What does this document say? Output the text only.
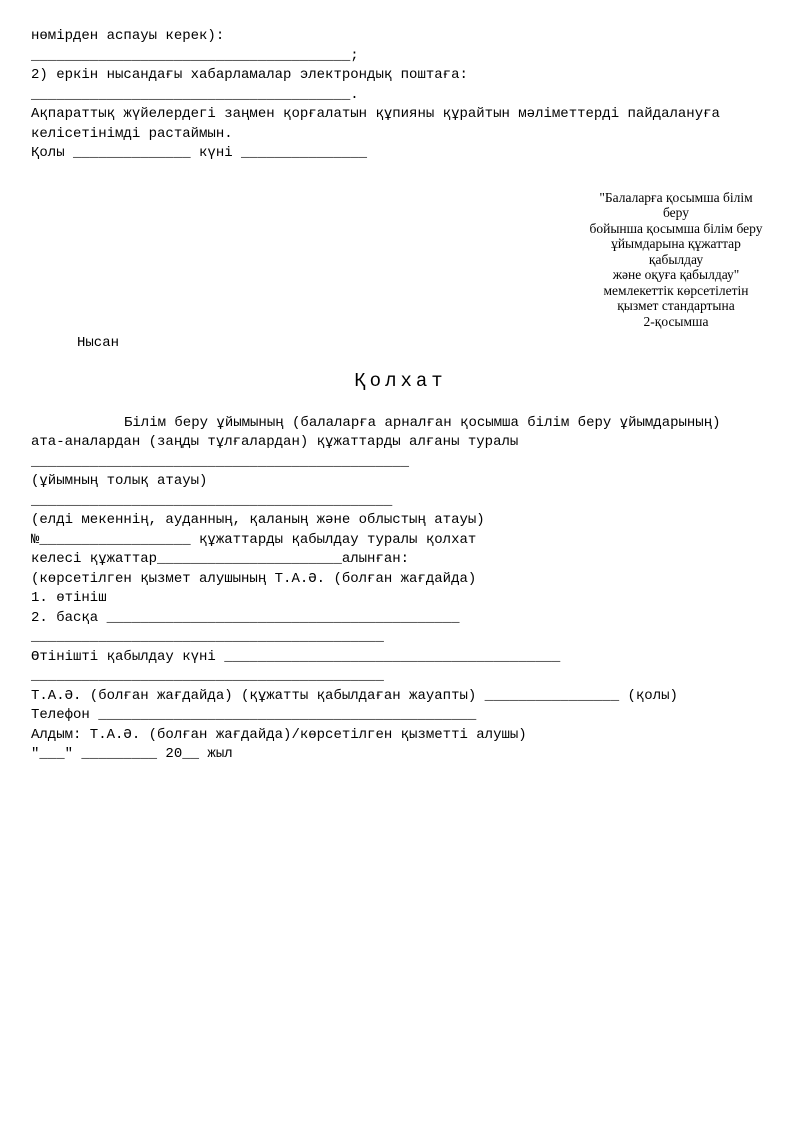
нөмірден аспауы керек):
______________________________________;
2) еркін нысандағы хабарламалар электрондық поштаға:
______________________________________.
Ақпараттық жүйелердегі заңмен қорғалатын құпияны құрайтын мәліметтерді пайдалануға
келісетінімді растаймын.
Қолы ______________ күні _______________
"Балаларға қосымша білім
беру
бойынша қосымша білім беру
ұйымдарына құжаттар
қабылдау
және оқуға қабылдау"
мемлекеттік көрсетілетін
қызмет стандартына
2-қосымша
Нысан
Қолхат
Білім беру ұйымының (балаларға арналған қосымша білім беру ұйымдарының)
ата-аналардан (заңды тұлғалардан) құжаттарды алғаны туралы
_____________________________________________
(ұйымның толық атауы)
___________________________________________
(елді мекеннің, ауданның, қаланың және облыстың атауы)
№__________________ құжаттарды қабылдау туралы қолхат
келесі құжаттар______________________алынған:
(көрсетілген қызмет алушының Т.А.Ә. (болған жағдайда)
1. өтініш
2. басқа __________________________________________
__________________________________________
Өтінішті қабылдау күні ________________________________________
__________________________________________
Т.А.Ә. (болған жағдайда) (құжатты қабылдаған жауапты) ________________ (қолы)
Телефон _____________________________________________
Алдым: Т.А.Ә. (болған жағдайда)/көрсетілген қызметті алушы)
"___" _________ 20__ жыл
